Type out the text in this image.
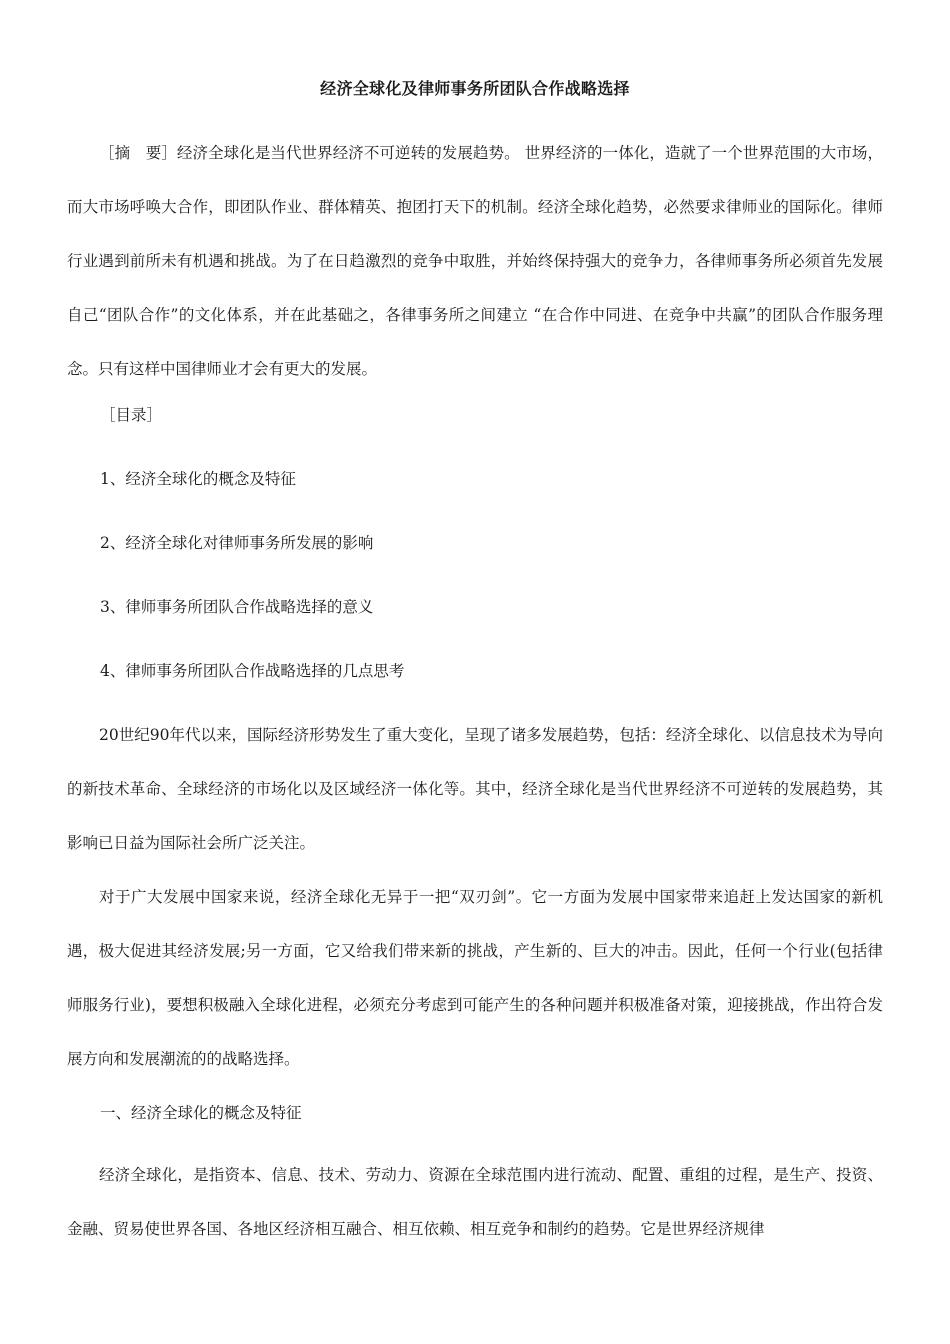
经济全球化及律师事务所团队合作战略选择

［摘　要］经济全球化是当代世界经济不可逆转的发展趋势。 世界经济的一体化，造就了一个世界范围的大市场，而大市场呼唤大合作，即团队作业、群体精英、抱团打天下的机制。经济全球化趋势，必然要求律师业的国际化。律师行业遇到前所未有机遇和挑战。为了在日趋激烈的竞争中取胜，并始终保持强大的竞争力，各律师事务所必须首先发展自己“团队合作”的文化体系，并在此基础之，各律事务所之间建立 “在合作中同进、在竞争中共赢”的团队合作服务理念。只有这样中国律师业才会有更大的发展。

［目录］

1、经济全球化的概念及特征

2、经济全球化对律师事务所发展的影响

3、律师事务所团队合作战略选择的意义

4、律师事务所团队合作战略选择的几点思考

20世纪90年代以来，国际经济形势发生了重大变化，呈现了诸多发展趋势，包括：经济全球化、以信息技术为导向的新技术革命、全球经济的市场化以及区域经济一体化等。其中，经济全球化是当代世界经济不可逆转的发展趋势，其影响已日益为国际社会所广泛关注。

对于广大发展中国家来说，经济全球化无异于一把“双刃剑”。它一方面为发展中国家带来追赶上发达国家的新机遇，极大促进其经济发展;另一方面，它又给我们带来新的挑战，产生新的、巨大的冲击。因此，任何一个行业(包括律师服务行业)，要想积极融入全球化进程，必须充分考虑到可能产生的各种问题并积极准备对策，迎接挑战，作出符合发展方向和发展潮流的的战略选择。

一、经济全球化的概念及特征

经济全球化，是指资本、信息、技术、劳动力、资源在全球范围内进行流动、配置、重组的过程，是生产、投资、金融、贸易使世界各国、各地区经济相互融合、相互依赖、相互竞争和制约的趋势。它是世界经济规律
